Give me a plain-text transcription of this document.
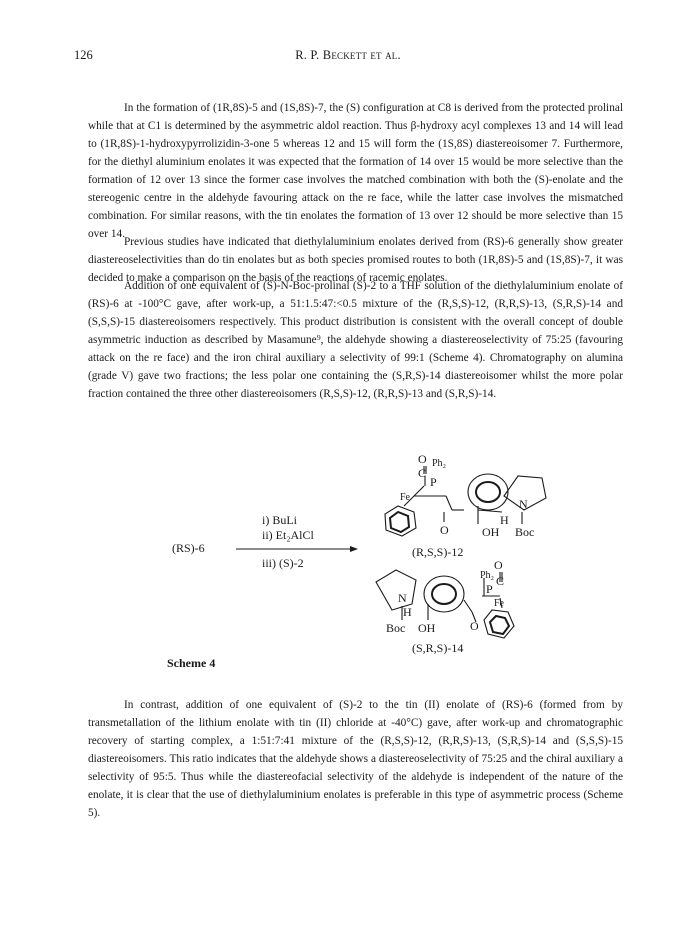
126	R. P. Beckett et al.

In the formation of (1R,8S)-5 and (1S,8S)-7, the (S) configuration at C8 is derived from the protected prolinal while that at C1 is determined by the asymmetric aldol reaction. Thus β-hydroxy acyl complexes 13 and 14 will lead to (1R,8S)-1-hydroxypyrrolizidin-3-one 5 whereas 12 and 15 will form the (1S,8S) diastereoisomer 7. Furthermore, for the diethyl aluminium enolates it was expected that the formation of 14 over 15 would be more selective than the formation of 12 over 13 since the former case involves the matched combination with both the (S)-enolate and the stereogenic centre in the aldehyde favouring attack on the re face, while the latter case involves the mismatched combination. For similar reasons, with the tin enolates the formation of 13 over 12 should be more selective than 15 over 14.

Previous studies have indicated that diethylaluminium enolates derived from (RS)-6 generally show greater diastereoselectivities than do tin enolates but as both species promised routes to both (1R,8S)-5 and (1S,8S)-7, it was decided to make a comparison on the basis of the reactions of racemic enolates.

Addition of one equivalent of (S)-N-Boc-prolinal (S)-2 to a THF solution of the diethylaluminium enolate of (RS)-6 at -100°C gave, after work-up, a 51:1.5:47:<0.5 mixture of the (R,S,S)-12, (R,R,S)-13, (S,R,S)-14 and (S,S,S)-15 diastereoisomers respectively. This product distribution is consistent with the overall concept of double asymmetric induction as described by Masamune⁹, the aldehyde showing a diastereoselectivity of 75:25 (favouring attack on the re face) and the iron chiral auxiliary a selectivity of 99:1 (Scheme 4). Chromatography on alumina (grade V) gave two fractions; the less polar one containing the (S,R,S)-14 diastereoisomer whilst the more polar fraction contained the three other diastereoisomers (R,S,S)-12, (R,R,S)-13 and (S,R,S)-14.

(RS)-6
i) BuLi
ii) Et₂AlCl
iii) (S)-2
O
C
Ph₂
P
Fe
O
N
H
OH Boc
(R,S,S)-12
O
Ph₂ C
P
Fe
N
H
Boc OH	O
(S,R,S)-14
Scheme 4

In contrast, addition of one equivalent of (S)-2 to the tin (II) enolate of (RS)-6 (formed from by transmetallation of the lithium enolate with tin (II) chloride at -40°C) gave, after work-up and chromatographic recovery of starting complex, a 1:51:7:41 mixture of the (R,S,S)-12, (R,R,S)-13, (S,R,S)-14 and (S,S,S)-15 diastereoisomers. This ratio indicates that the aldehyde shows a diastereoselectivity of 75:25 and the chiral auxiliary a selectivity of 95:5. Thus while the diastereofacial selectivity of the aldehyde is independent of the nature of the enolate, it is clear that the use of diethylaluminium enolates is preferable in this type of asymmetric process (Scheme 5).
